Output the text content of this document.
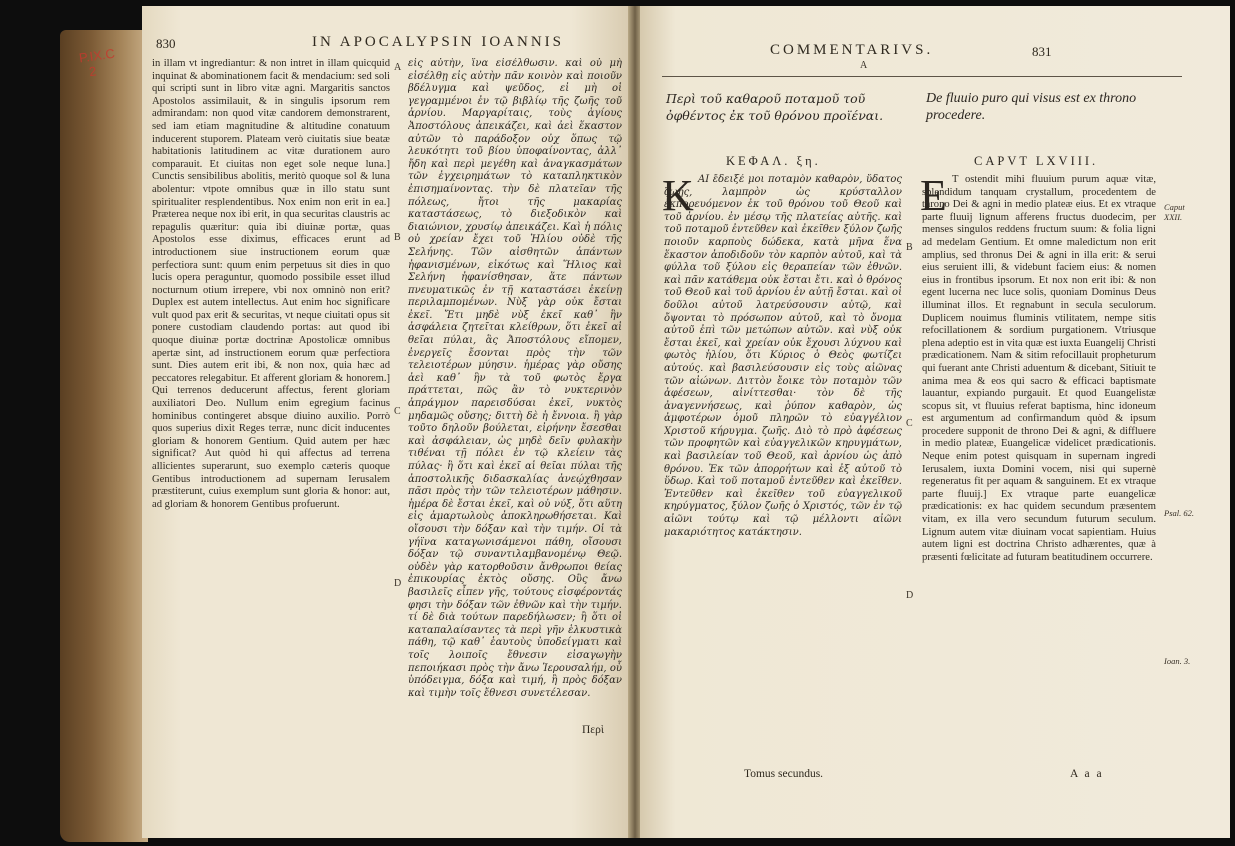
P.IX.C
2
830	IN APOCALYPSIN IOANNIS

in illam vt ingrediantur: & non intret in illam quicquid inquinat & abominationem facit & mendacium: sed soli qui scripti sunt in libro vitæ agni. Margaritis sanctos Apostolos assimilauit, & in singulis ipsorum rem admirandam: non quod vitæ candorem demonstrarent, sed iam etiam magnitudine & altitudine conatuum inducerent stuporem. Plateam verò ciuitatis siue beatæ habitationis latitudinem ac vitæ durationem auro comparauit. Et ciuitas non eget sole neque luna.] Cunctis sensibilibus abolitis, meritò quoque sol & luna abolentur: vtpote omnibus quæ in illo statu sunt spiritualiter resplendentibus. Nox enim non erit in ea.] Præterea neque nox ibi erit, in qua securitas claustris ac repagulis quæritur: quia ibi diuinæ portæ, quas Apostolos esse diximus, efficaces erunt ad introductionem siue instructionem eorum quæ perfectiora sunt: quum enim perpetuus sit dies in quo lucis opera peraguntur, quomodo possibile esset illud nocturnum otium irrepere, vbi nox omninò non erit? Duplex est autem intellectus. Aut enim hoc significare vult quod pax erit & securitas, vt neque ciuitati opus sit ponere custodiam claudendo portas: aut quod ibi quoque diuinæ portæ doctrinæ Apostolicæ omnibus apertæ sint, ad instructionem eorum quæ perfectiora sunt. Dies autem erit ibi, & non nox, quia hæc ad peccatores relegabitur. Et afferent gloriam & honorem.] Qui terrenos deducerunt affectus, ferent gloriam auxiliatori Deo. Nullum enim egregium facinus hominibus contingeret absque diuino auxilio. Porrò quos superius dixit Reges terræ, nunc dicit inducentes gloriam & honorem Gentium. Quid autem per hæc significat? Aut quòd hi qui affectus ad terrena allicientes superarunt, suo exemplo cæteris quoque Gentibus introductionem ad supernam Ierusalem præstiterunt, cuius exemplum sunt gloria & honor: aut, ad gloriam & honorem Gentibus profuerunt.

εἰς αὐτὴν, ἵνα εἰσέλθωσιν. καὶ οὐ μὴ εἰσέλθῃ εἰς αὐτὴν πᾶν κοινὸν καὶ ποιοῦν βδέλυγμα καὶ ψεῦδος, εἰ μὴ οἱ γεγραμμένοι ἐν τῷ βιβλίῳ τῆς ζωῆς τοῦ ἀρνίου. Μαργαρίταις, τοὺς ἁγίους Ἀποστόλους ἀπεικάζει, καὶ ἀεὶ ἕκαστον αὐτῶν τὸ παράδοξον οὐχ ὅπως τῷ λευκότητι τοῦ βίου ὑποφαίνοντας, ἀλλ᾽ ἤδη καὶ περὶ μεγέθη καὶ ἀναγκασμάτων τῶν ἐγχειρημάτων τὸ καταπληκτικὸν ἐπισημαίνοντας. τὴν δὲ πλατεῖαν τῆς πόλεως, ἤτοι τῆς μακαρίας καταστάσεως, τὸ διεξοδικὸν καὶ διαιώνιον, χρυσίῳ ἀπεικάζει. Καὶ ἡ πόλις οὐ χρείαν ἔχει τοῦ Ἡλίου οὐδὲ τῆς Σελήνης. Τῶν αἰσθητῶν ἁπάντων ἠφανισμένων, εἰκότως καὶ Ἥλιος καὶ Σελήνη ἠφανίσθησαν, ἅτε πάντων πνευματικῶς ἐν τῇ καταστάσει ἐκείνῃ περιλαμπομένων. Νὺξ γὰρ οὐκ ἔσται ἐκεῖ. Ἔτι μηδὲ νὺξ ἐκεῖ καθ᾽ ἣν ἀσφάλεια ζητεῖται κλείθρων, ὅτι ἐκεῖ αἱ θεῖαι πύλαι, ἃς Ἀποστόλους εἴπομεν, ἐνεργεῖς ἔσονται πρὸς τὴν τῶν τελειοτέρων μύησιν. ἡμέρας γὰρ οὔσης ἀεὶ καθ᾽ ἣν τὰ τοῦ φωτὸς ἔργα πράττεται, πῶς ἂν τὸ νυκτερινὸν ἀπράγμον παρεισδύσαι ἐκεῖ, νυκτὸς μηδαμῶς οὔσης; διττὴ δὲ ἡ ἔννοια. ἢ γὰρ τοῦτο δηλοῦν βούλεται, εἰρήνην ἔσεσθαι καὶ ἀσφάλειαν, ὡς μηδὲ δεῖν φυλακὴν τιθέναι τῇ πόλει ἐν τῷ κλείειν τὰς πύλας· ἢ ὅτι καὶ ἐκεῖ αἱ θεῖαι πύλαι τῆς ἀποστολικῆς διδασκαλίας ἀνεῴχθησαν πᾶσι πρὸς τὴν τῶν τελειοτέρων μάθησιν. ἡμέρα δὲ ἔσται ἐκεῖ, καὶ οὐ νύξ, ὅτι αὕτη εἰς ἁμαρτωλοὺς ἀποκληρωθήσεται. Καὶ οἴσουσι τὴν δόξαν καὶ τὴν τιμήν. Οἱ τὰ γήϊνα καταγωνισάμενοι πάθη, οἴσουσι δόξαν τῷ συναντιλαμβανομένῳ Θεῷ. οὐδὲν γὰρ κατορθοῦσιν ἄνθρωποι θείας ἐπικουρίας ἐκτὸς οὔσης. Οὓς ἄνω βασιλεῖς εἶπεν γῆς, τούτους εἰσφέροντάς φησι τὴν δόξαν τῶν ἐθνῶν καὶ τὴν τιμήν. τί δὲ διὰ τούτων παρεδήλωσεν; ἢ ὅτι οἱ καταπαλαίσαντες τὰ περὶ γῆν ἑλκυστικὰ πάθη, τῷ καθ᾽ ἑαυτοὺς ὑποδείγματι καὶ τοῖς λοιποῖς ἔθνεσιν εἰσαγωγὴν πεποιήκασι πρὸς τὴν ἄνω Ἱερουσαλήμ, οὗ ὑπόδειγμα, δόξα καὶ τιμή, ἢ πρὸς δόξαν καὶ τιμὴν τοῖς ἔθνεσι συνετέλεσαν.

A
B
C
D
Περὶ
COMMENTARIVS.	831
A
Περὶ τοῦ καθαροῦ ποταμοῦ τοῦ ὀφθέντος ἐκ τοῦ θρόνου προϊέναι.
De fluuio puro qui visus est ex throno procedere.
ΚΕΦΑΛ. ξη.	CAPVT LXVIII.
Κ ΑΙ ἔδειξέ μοι ποταμὸν καθαρὸν, ὕδατος ζωῆς, λαμπρὸν ὡς κρύσταλλον ἐκπορευόμενον ἐκ τοῦ θρόνου τοῦ Θεοῦ καὶ τοῦ ἀρνίου. ἐν μέσῳ τῆς πλατείας αὐτῆς. καὶ τοῦ ποταμοῦ ἐντεῦθεν καὶ ἐκεῖθεν ξύλον ζωῆς ποιοῦν καρποὺς δώδεκα, κατὰ μῆνα ἕνα ἕκαστον ἀποδιδοῦν τὸν καρπὸν αὐτοῦ, καὶ τὰ φύλλα τοῦ ξύλου εἰς θεραπείαν τῶν ἐθνῶν. καὶ πᾶν κατάθεμα οὐκ ἔσται ἔτι. καὶ ὁ θρόνος τοῦ Θεοῦ καὶ τοῦ ἀρνίου ἐν αὐτῇ ἔσται. καὶ οἱ δοῦλοι αὐτοῦ λατρεύσουσιν αὐτῷ, καὶ ὄψονται τὸ πρόσωπον αὐτοῦ, καὶ τὸ ὄνομα αὐτοῦ ἐπὶ τῶν μετώπων αὐτῶν. καὶ νὺξ οὐκ ἔσται ἐκεῖ, καὶ χρείαν οὐκ ἔχουσι λύχνου καὶ φωτὸς ἡλίου, ὅτι Κύριος ὁ Θεὸς φωτίζει αὐτούς. καὶ βασιλεύσουσιν εἰς τοὺς αἰῶνας τῶν αἰώνων. Διττὸν ἔοικε τὸν ποταμὸν τῶν ἀφέσεων, αἰνίττεσθαι· τὸν δὲ τῆς ἀναγεννήσεως, καὶ ῥύπον καθαρὸν, ὡς ἀμφοτέρων ὁμοῦ πληρῶν τὸ εὐαγγέλιον Χριστοῦ κήρυγμα. ζωῆς. Διὸ τὸ πρὸ ἀφέσεως τῶν προφητῶν καὶ εὐαγγελικῶν κηρυγμάτων, καὶ βασιλείαν τοῦ Θεοῦ, καὶ ἀρνίου ὡς ἀπὸ θρόνου. Ἐκ τῶν ἀπορρήτων καὶ ἐξ αὐτοῦ τὸ ὕδωρ. Καὶ τοῦ ποταμοῦ ἐντεῦθεν καὶ ἐκεῖθεν. Ἐντεῦθεν καὶ ἐκεῖθεν τοῦ εὐαγγελικοῦ κηρύγματος, ξύλον ζωῆς ὁ Χριστός, τῶν ἐν τῷ αἰῶνι τούτῳ καὶ τῷ μέλλοντι αἰῶνι μακαριότητος κατάκτησιν.

E T ostendit mihi fluuium purum aquæ vitæ, splendidum tanquam crystallum, procedentem de throno Dei & agni in medio plateæ eius. Et ex vtraque parte fluuij lignum afferens fructus duodecim, per menses singulos reddens fructum suum: & folia ligni ad medelam Gentium. Et omne maledictum non erit amplius, sed thronus Dei & agni in illa erit: & serui eius seruient illi, & videbunt faciem eius: & nomen eius in frontibus ipsorum. Et nox non erit ibi: & non egent lucerna nec luce solis, quoniam Dominus Deus illuminat illos. Et regnabunt in secula seculorum. Duplicem nouimus fluminis vtilitatem, nempe sitis refocillationem & sordium purgationem. Vtriusque plena adeptio est in vita quæ est iuxta Euangelij Christi prædicationem. Nam & sitim refocillauit propheturum qui fuerant ante Christi aduentum & dicebant, Sitiuit te anima mea & eos qui sacro & efficaci baptismate lauantur, expiando purgauit. Et quod Euangelistæ scopus sit, vt fluuius referat baptisma, hinc idoneum est argumentum ad confirmandum quòd & ipsum procedere supponit de throno Dei & agni, & diffluere in medio plateæ, Euangelicæ videlicet prædicationis. Neque enim potest quisquam in supernam ingredi Ierusalem, iuxta Domini vocem, nisi qui supernè regeneratus fit per aquam & sanguinem. Et ex vtraque parte fluuij.] Ex vtraque parte euangelicæ prædicationis: ex hac quidem secundum præsentem vitam, ex illa vero secundum futurum seculum. Lignum autem vitæ diuinam vocat sapientiam. Huius autem ligni est doctrina Christo adhærentes, quæ à præsenti fœlicitate ad futuram beatitudinem occurrere.

B
C
D
Caput XXII.
Psal. 62.
Ioan. 3.
Tomus secundus.	A a a
